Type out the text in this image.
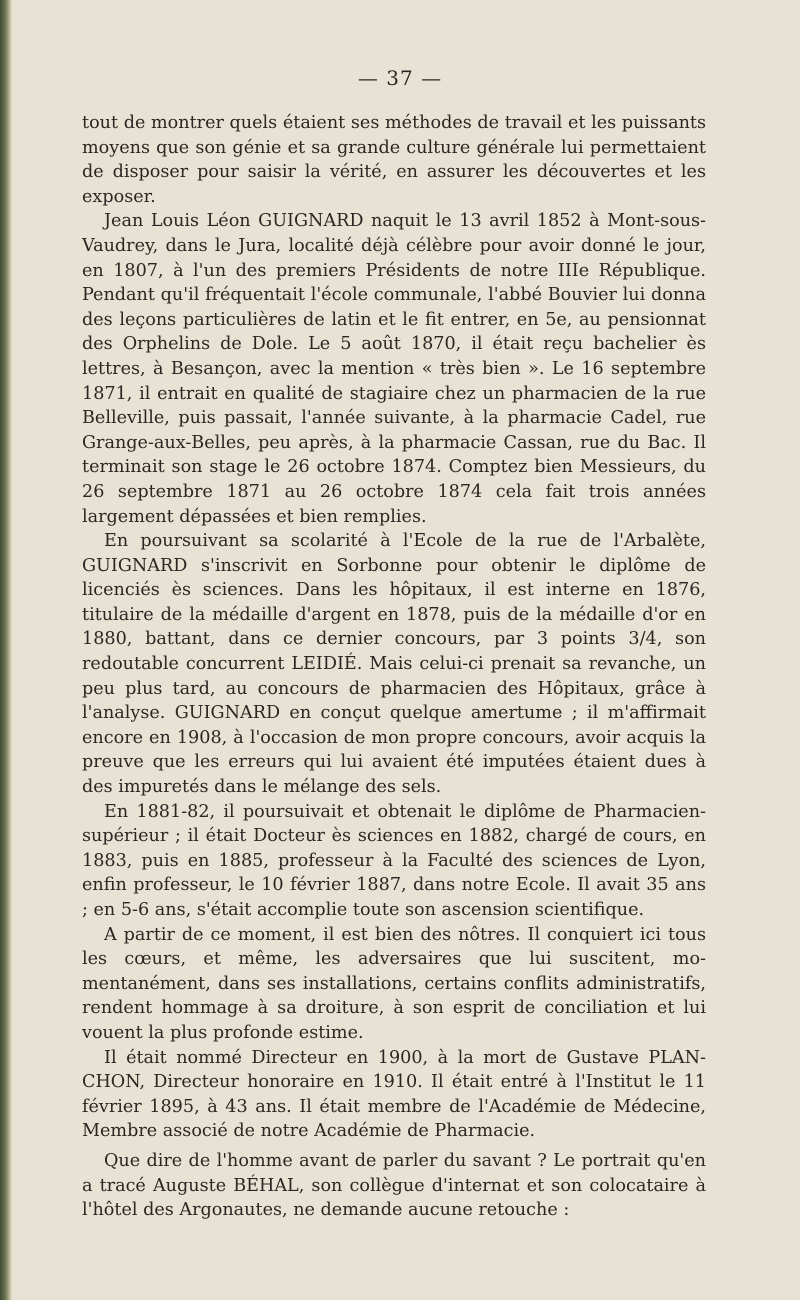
— 37 —

tout de montrer quels étaient ses méthodes de travail et les puissants moyens que son génie et sa grande culture générale lui permettaient de disposer pour saisir la vérité, en assurer les découvertes et les exposer.

Jean Louis Léon GUIGNARD naquit le 13 avril 1852 à Mont-sous-Vaudrey, dans le Jura, localité déjà célèbre pour avoir donné le jour, en 1807, à l'un des premiers Présidents de notre IIIe République. Pendant qu'il fréquentait l'école communale, l'abbé Bouvier lui donna des leçons particulières de latin et le fit entrer, en 5e, au pensionnat des Orphelins de Dole. Le 5 août 1870, il était reçu bachelier ès lettres, à Besançon, avec la mention « très bien ». Le 16 septembre 1871, il entrait en qualité de stagiaire chez un pharmacien de la rue Belleville, puis passait, l'année suivante, à la pharmacie Cadel, rue Grange-aux-Belles, peu après, à la pharmacie Cassan, rue du Bac. Il terminait son stage le 26 octobre 1874. Comptez bien Messieurs, du 26 septembre 1871 au 26 octobre 1874 cela fait trois années largement dépassées et bien remplies.

En poursuivant sa scolarité à l'Ecole de la rue de l'Arbalète, GUIGNARD s'inscrivit en Sorbonne pour obtenir le diplôme de licenciés ès sciences. Dans les hôpitaux, il est interne en 1876, titulaire de la médaille d'argent en 1878, puis de la médaille d'or en 1880, battant, dans ce dernier concours, par 3 points 3/4, son redoutable concurrent LEIDIÉ. Mais celui-ci prenait sa revanche, un peu plus tard, au concours de pharmacien des Hôpitaux, grâce à l'analyse. GUIGNARD en conçut quelque amertume ; il m'affirmait encore en 1908, à l'occasion de mon propre concours, avoir acquis la preuve que les erreurs qui lui avaient été imputées étaient dues à des impuretés dans le mélange des sels.

En 1881-82, il poursuivait et obtenait le diplôme de Pharmacien-supérieur ; il était Docteur ès sciences en 1882, chargé de cours, en 1883, puis en 1885, professeur à la Faculté des sciences de Lyon, enfin professeur, le 10 février 1887, dans notre Ecole. Il avait 35 ans ; en 5-6 ans, s'était accomplie toute son ascension scientifique.

A partir de ce moment, il est bien des nôtres. Il conquiert ici tous les cœurs, et même, les adversaires que lui suscitent, momentanément, dans ses installations, certains conflits administratifs, rendent hommage à sa droiture, à son esprit de conciliation et lui vouent la plus profonde estime.

Il était nommé Directeur en 1900, à la mort de Gustave PLANCHON, Directeur honoraire en 1910. Il était entré à l'Institut le 11 février 1895, à 43 ans. Il était membre de l'Académie de Médecine, Membre associé de notre Académie de Pharmacie.

Que dire de l'homme avant de parler du savant ? Le portrait qu'en a tracé Auguste BÉHAL, son collègue d'internat et son colocataire à l'hôtel des Argonautes, ne demande aucune retouche :
